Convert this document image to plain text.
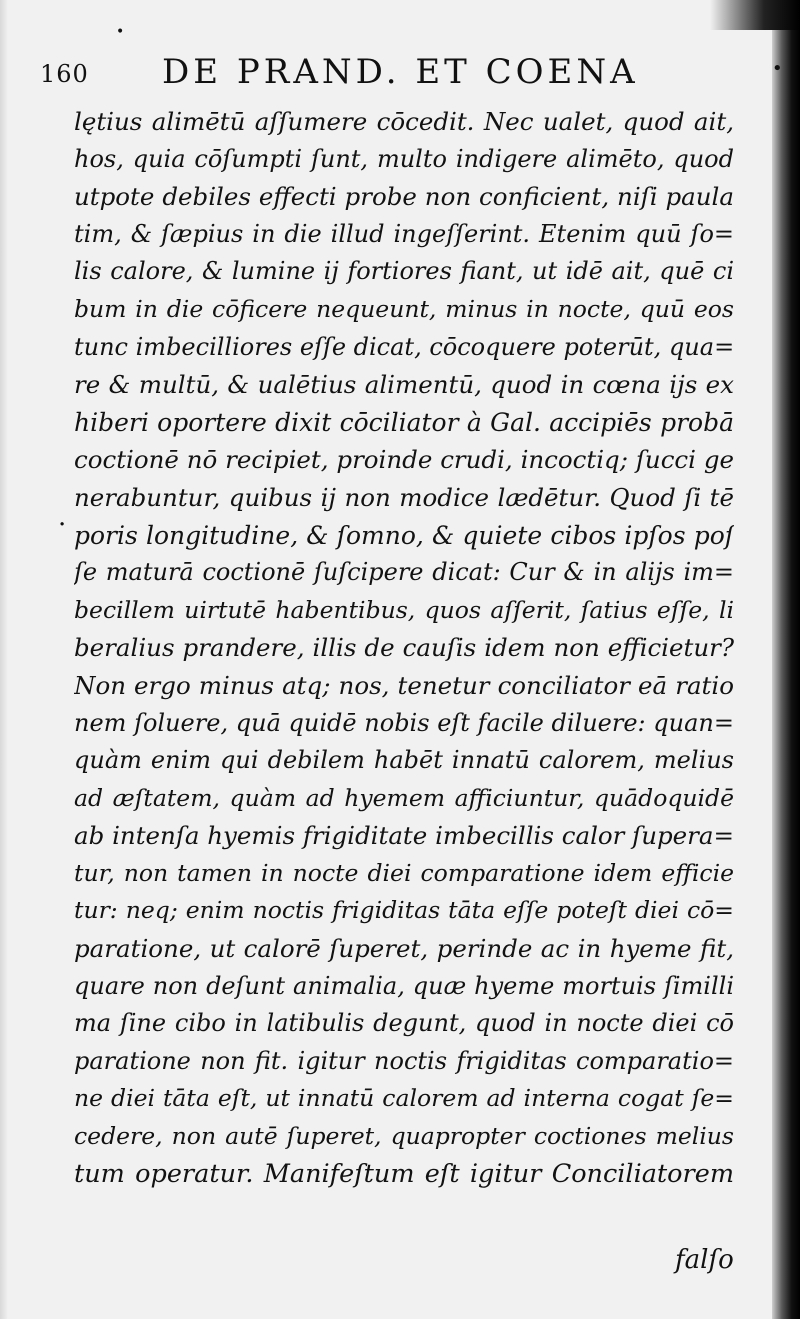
•
•
160 DE PRAND. ET COENA
·
lętius alimētū aſſumere cōcedit. Nec ualet, quod ait,
hos, quia cōſumpti ſunt, multo indigere alimēto, quod
utpote debiles effecti probe non conficient, niſi paula
tim, & ſæpius in die illud ingeſſerint. Etenim quū ſo=
lis calore, & lumine ij fortiores fiant, ut idē ait, quē ci
bum in die cōficere nequeunt, minus in nocte, quū eos
tunc imbecilliores eſſe dicat, cōcoquere poterūt, qua=
re & multū, & ualētius alimentū, quod in cœna ijs ex
hiberi oportere dixit cōciliator à Gal. accipiēs probā
coctionē nō recipiet, proinde crudi, incoctiq; ſucci ge
nerabuntur, quibus ij non modice lædētur. Quod ſi tē
poris longitudine, & ſomno, & quiete cibos ipſos poſ
ſe maturā coctionē ſuſcipere dicat: Cur & in alijs im=
becillem uirtutē habentibus, quos aſſerit, ſatius eſſe, li
beralius prandere, illis de cauſis idem non efficietur?
Non ergo minus atq; nos, tenetur conciliator eā ratio
nem ſoluere, quā quidē nobis eſt facile diluere: quan=
quàm enim qui debilem habēt innatū calorem, melius
ad æſtatem, quàm ad hyemem afficiuntur, quādoquidē
ab intenſa hyemis frigiditate imbecillis calor ſupera=
tur, non tamen in nocte diei comparatione idem efficie
tur: neq; enim noctis frigiditas tāta eſſe poteſt diei cō=
paratione, ut calorē ſuperet, perinde ac in hyeme fit,
quare non deſunt animalia, quæ hyeme mortuis ſimilli
ma ſine cibo in latibulis degunt, quod in nocte diei cō
paratione non fit. igitur noctis frigiditas comparatio=
ne diei tāta eſt, ut innatū calorem ad interna cogat ſe=
cedere, non autē ſuperet, quapropter coctiones melius
tum operatur. Manifeſtum eſt igitur Conciliatorem
falſo
